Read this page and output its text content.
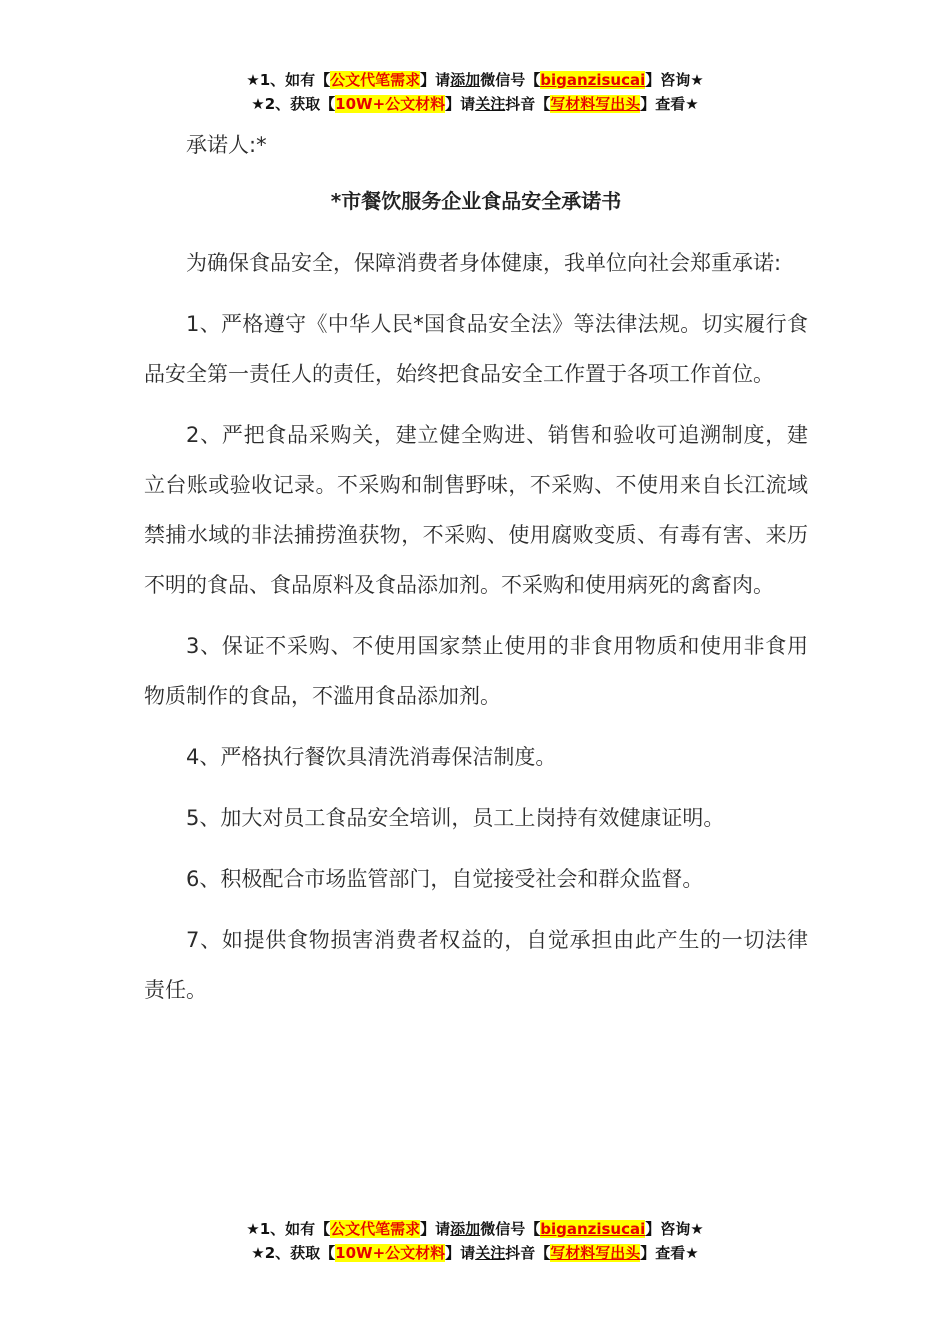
★1、如有【公文代笔需求】请添加微信号【biganzisucai】咨询★
★2、获取【10W+公文材料】请关注抖音【写材料写出头】查看★
承诺人:*
*市餐饮服务企业食品安全承诺书
为确保食品安全，保障消费者身体健康，我单位向社会郑重承诺:
1、严格遵守《中华人民*国食品安全法》等法律法规。切实履行食品安全第一责任人的责任，始终把食品安全工作置于各项工作首位。
2、严把食品采购关，建立健全购进、销售和验收可追溯制度，建立台账或验收记录。不采购和制售野味，不采购、不使用来自长江流域禁捕水域的非法捕捞渔获物，不采购、使用腐败变质、有毒有害、来历不明的食品、食品原料及食品添加剂。不采购和使用病死的禽畜肉。
3、保证不采购、不使用国家禁止使用的非食用物质和使用非食用物质制作的食品，不滥用食品添加剂。
4、严格执行餐饮具清洗消毒保洁制度。
5、加大对员工食品安全培训，员工上岗持有效健康证明。
6、积极配合市场监管部门，自觉接受社会和群众监督。
7、如提供食物损害消费者权益的，自觉承担由此产生的一切法律责任。
★1、如有【公文代笔需求】请添加微信号【biganzisucai】咨询★
★2、获取【10W+公文材料】请关注抖音【写材料写出头】查看★
